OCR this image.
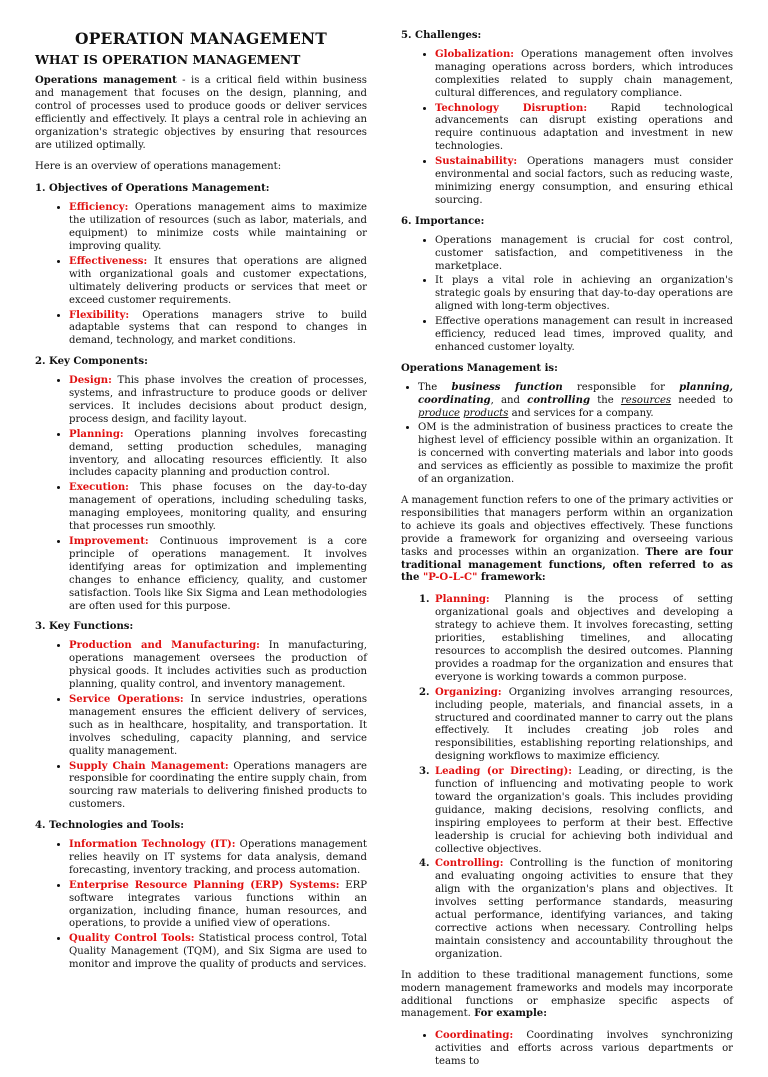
OPERATION MANAGEMENT
WHAT IS OPERATION MANAGEMENT

Operations management - is a critical field within business and management that focuses on the design, planning, and control of processes used to produce goods or deliver services efficiently and effectively. It plays a central role in achieving an organization's strategic objectives by ensuring that resources are utilized optimally.

Here is an overview of operations management:

1. Objectives of Operations Management:
• Efficiency: Operations management aims to maximize the utilization of resources (such as labor, materials, and equipment) to minimize costs while maintaining or improving quality.
• Effectiveness: It ensures that operations are aligned with organizational goals and customer expectations, ultimately delivering products or services that meet or exceed customer requirements.
• Flexibility: Operations managers strive to build adaptable systems that can respond to changes in demand, technology, and market conditions.
2. Key Components:
• Design: This phase involves the creation of processes, systems, and infrastructure to produce goods or deliver services. It includes decisions about product design, process design, and facility layout.
• Planning: Operations planning involves forecasting demand, setting production schedules, managing inventory, and allocating resources efficiently. It also includes capacity planning and production control.
• Execution: This phase focuses on the day-to-day management of operations, including scheduling tasks, managing employees, monitoring quality, and ensuring that processes run smoothly.
• Improvement: Continuous improvement is a core principle of operations management. It involves identifying areas for optimization and implementing changes to enhance efficiency, quality, and customer satisfaction. Tools like Six Sigma and Lean methodologies are often used for this purpose.
3. Key Functions:
• Production and Manufacturing: In manufacturing, operations management oversees the production of physical goods. It includes activities such as production planning, quality control, and inventory management.
• Service Operations: In service industries, operations management ensures the efficient delivery of services, such as in healthcare, hospitality, and transportation. It involves scheduling, capacity planning, and service quality management.
• Supply Chain Management: Operations managers are responsible for coordinating the entire supply chain, from sourcing raw materials to delivering finished products to customers.
4. Technologies and Tools:
• Information Technology (IT): Operations management relies heavily on IT systems for data analysis, demand forecasting, inventory tracking, and process automation.
• Enterprise Resource Planning (ERP) Systems: ERP software integrates various functions within an organization, including finance, human resources, and operations, to provide a unified view of operations.
• Quality Control Tools: Statistical process control, Total Quality Management (TQM), and Six Sigma are used to monitor and improve the quality of products and services.
5. Challenges:
• Globalization: Operations management often involves managing operations across borders, which introduces complexities related to supply chain management, cultural differences, and regulatory compliance.
• Technology Disruption: Rapid technological advancements can disrupt existing operations and require continuous adaptation and investment in new technologies.
• Sustainability: Operations managers must consider environmental and social factors, such as reducing waste, minimizing energy consumption, and ensuring ethical sourcing.
6. Importance:
• Operations management is crucial for cost control, customer satisfaction, and competitiveness in the marketplace.
• It plays a vital role in achieving an organization's strategic goals by ensuring that day-to-day operations are aligned with long-term objectives.
• Effective operations management can result in increased efficiency, reduced lead times, improved quality, and enhanced customer loyalty.
Operations Management is:
• The business function responsible for planning, coordinating, and controlling the resources needed to produce products and services for a company.
• OM is the administration of business practices to create the highest level of efficiency possible within an organization. It is concerned with converting materials and labor into goods and services as efficiently as possible to maximize the profit of an organization.

A management function refers to one of the primary activities or responsibilities that managers perform within an organization to achieve its goals and objectives effectively. These functions provide a framework for organizing and overseeing various tasks and processes within an organization. There are four traditional management functions, often referred to as the "P-O-L-C" framework:

1. Planning: Planning is the process of setting organizational goals and objectives and developing a strategy to achieve them. It involves forecasting, setting priorities, establishing timelines, and allocating resources to accomplish the desired outcomes. Planning provides a roadmap for the organization and ensures that everyone is working towards a common purpose.
2. Organizing: Organizing involves arranging resources, including people, materials, and financial assets, in a structured and coordinated manner to carry out the plans effectively. It includes creating job roles and responsibilities, establishing reporting relationships, and designing workflows to maximize efficiency.
3. Leading (or Directing): Leading, or directing, is the function of influencing and motivating people to work toward the organization's goals. This includes providing guidance, making decisions, resolving conflicts, and inspiring employees to perform at their best. Effective leadership is crucial for achieving both individual and collective objectives.
4. Controlling: Controlling is the function of monitoring and evaluating ongoing activities to ensure that they align with the organization's plans and objectives. It involves setting performance standards, measuring actual performance, identifying variances, and taking corrective actions when necessary. Controlling helps maintain consistency and accountability throughout the organization.

In addition to these traditional management functions, some modern management frameworks and models may incorporate additional functions or emphasize specific aspects of management. For example:

• Coordinating: Coordinating involves synchronizing activities and efforts across various departments or teams to
